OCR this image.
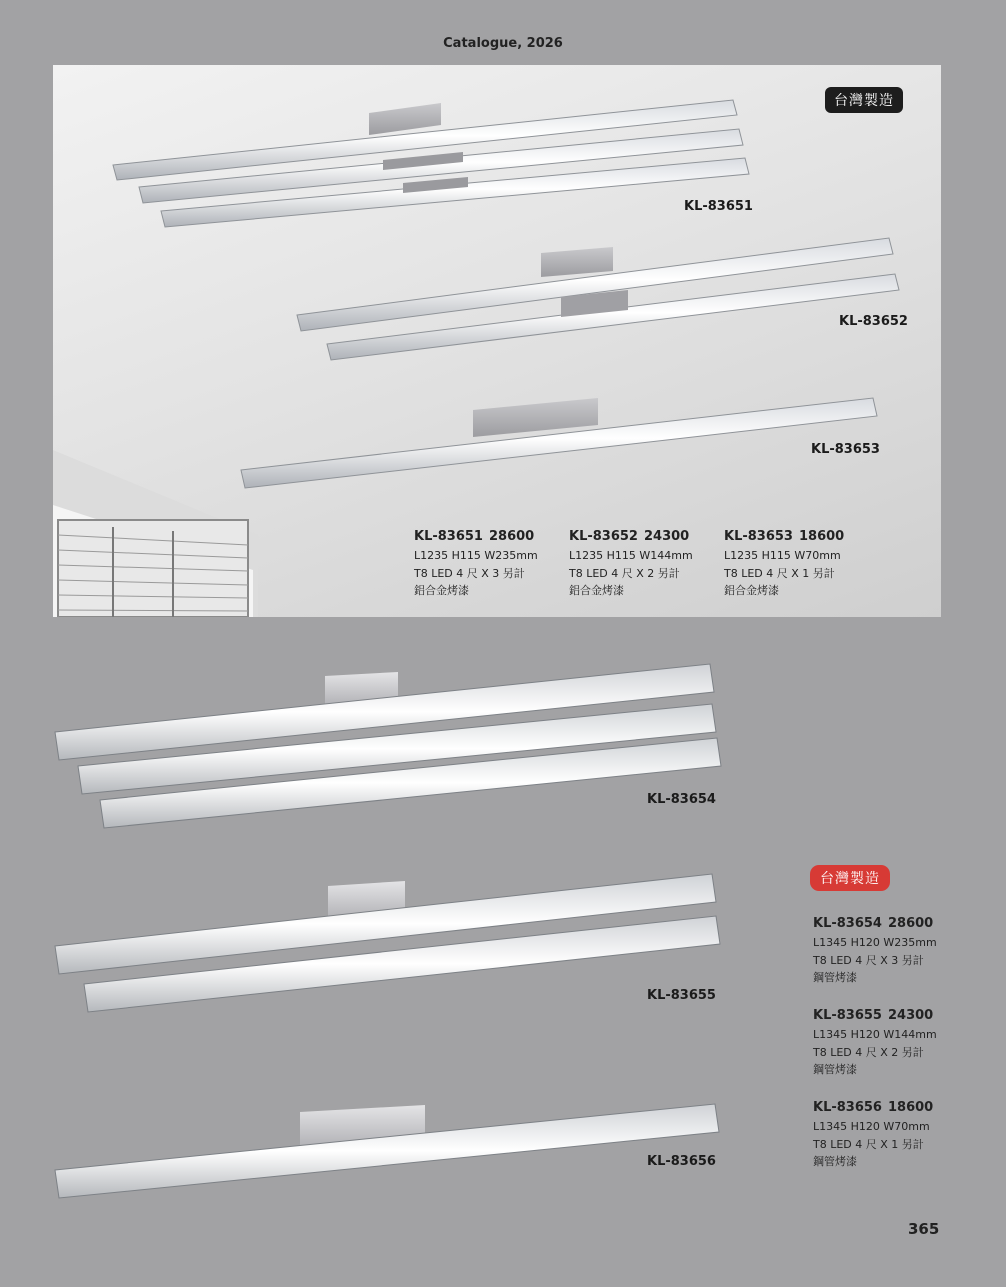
Catalogue, 2026
台灣製造
KL-83651
KL-83652
KL-83653
KL-83651 28600
L1235 H115 W235mm
T8 LED 4 尺 X 3 另計
鋁合金烤漆
KL-83652 24300
L1235 H115 W144mm
T8 LED 4 尺 X 2 另計
鋁合金烤漆
KL-83653 18600
L1235 H115 W70mm
T8 LED 4 尺 X 1 另計
鋁合金烤漆
KL-83654
KL-83655
KL-83656
台灣製造
KL-83654 28600
L1345 H120 W235mm
T8 LED 4 尺 X 3 另計
鋼管烤漆
KL-83655 24300
L1345 H120 W144mm
T8 LED 4 尺 X 2 另計
鋼管烤漆
KL-83656 18600
L1345 H120 W70mm
T8 LED 4 尺 X 1 另計
鋼管烤漆
365
